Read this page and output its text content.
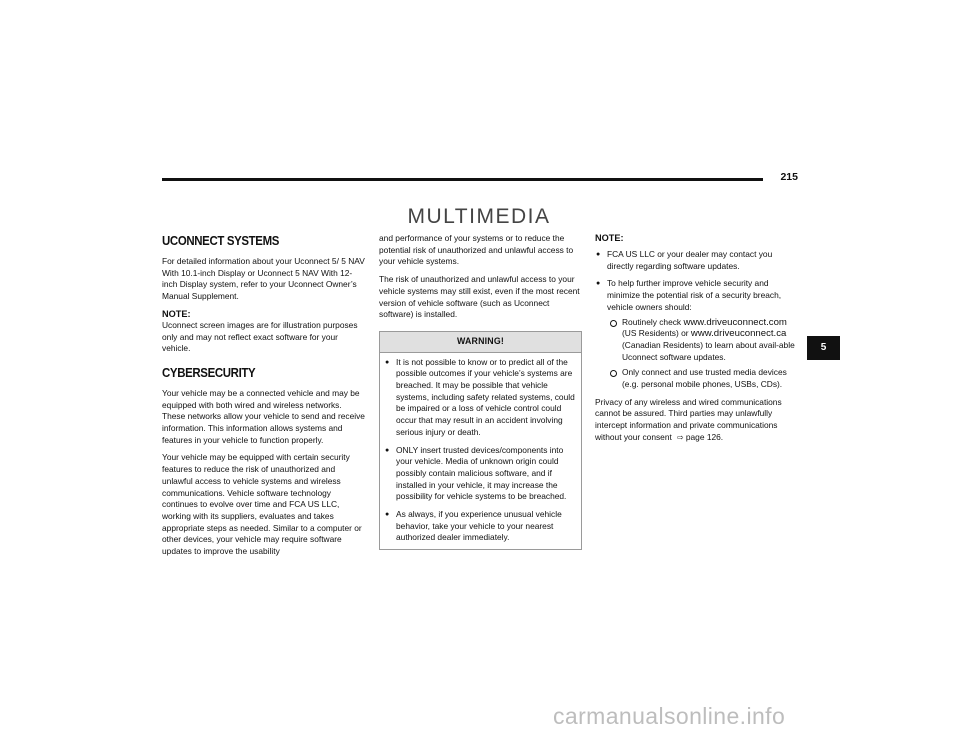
215
MULTIMEDIA
UCONNECT SYSTEMS

For detailed information about your Uconnect 5/ 5 NAV With 10.1-inch Display or Uconnect 5 NAV With 12-inch Display system, refer to your Uconnect Owner’s Manual Supplement.

NOTE:

Uconnect screen images are for illustration purposes only and may not reflect exact software for your vehicle.

CYBERSECURITY

Your vehicle may be a connected vehicle and may be equipped with both wired and wireless networks. These networks allow your vehicle to send and receive information. This information allows systems and features in your vehicle to function properly.

Your vehicle may be equipped with certain security features to reduce the risk of unauthorized and unlawful access to vehicle systems and wireless communications. Vehicle software technology continues to evolve over time and FCA US LLC, working with its suppliers, evaluates and takes appropriate steps as needed. Similar to a computer or other devices, your vehicle may require software updates to improve the usability

and performance of your systems or to reduce the potential risk of unauthorized and unlawful access to your vehicle systems.

The risk of unauthorized and unlawful access to your vehicle systems may still exist, even if the most recent version of vehicle software (such as Uconnect software) is installed.

WARNING!
● It is not possible to know or to predict all of the possible outcomes if your vehicle’s systems are breached. It may be possible that vehicle systems, including safety related systems, could be impaired or a loss of vehicle control could occur that may result in an accident involving serious injury or death.
● ONLY insert trusted devices/components into your vehicle. Media of unknown origin could possibly contain malicious software, and if installed in your vehicle, it may increase the possibility for vehicle systems to be breached.
● As always, if you experience unusual vehicle behavior, take your vehicle to your nearest authorized dealer immediately.
NOTE:
● FCA US LLC or your dealer may contact you directly regarding software updates.
● To help further improve vehicle security and minimize the potential risk of a security breach, vehicle owners should:
Routinely check www.driveuconnect.com (US Residents) or www.driveuconnect.ca (Canadian Residents) to learn about avail-able Uconnect software updates.
Only connect and use trusted media devices (e.g. personal mobile phones, USBs, CDs).

Privacy of any wireless and wired communications cannot be assured. Third parties may unlawfully intercept information and private communications without your consent ⇨ page 126.

5
carmanualsonline.info
